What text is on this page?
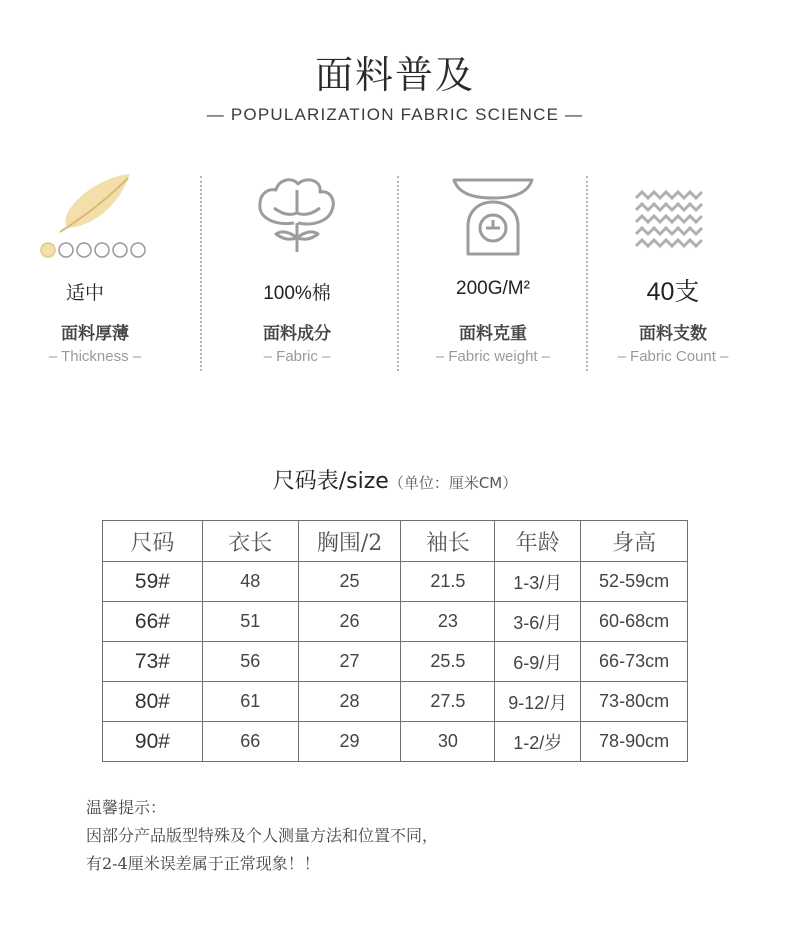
面料普及
— POPULARIZATION FABRIC SCIENCE —
适中
面料厚薄
– Thickness –
100%棉
面料成分
– Fabric –
200G/M²
面料克重
– Fabric weight –
40支
面料支数
– Fabric Count –
尺码表/size（单位：厘米CM）
尺码	衣长	胸围/2	袖长	年龄	身高
59#	48	25	21.5	1-3/月	52-59cm
66#	51	26	23	3-6/月	60-68cm
73#	56	27	25.5	6-9/月	66-73cm
80#	61	28	27.5	9-12/月	73-80cm
90#	66	29	30	1-2/岁	78-90cm
温馨提示：
因部分产品版型特殊及个人测量方法和位置不同，
有2-4厘米误差属于正常现象！！
